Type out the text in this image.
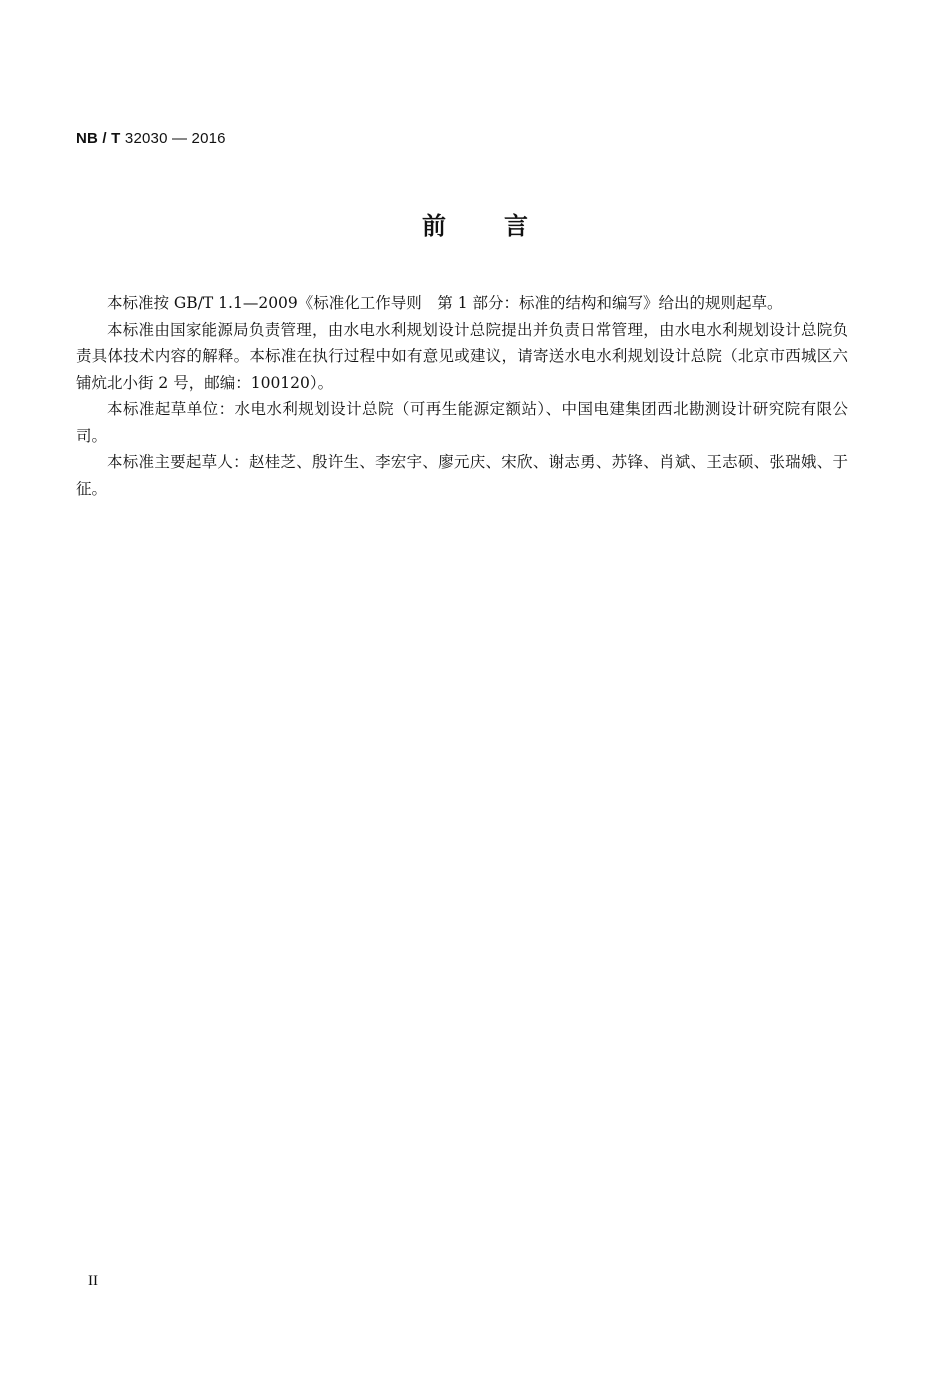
NB / T 32030 — 2016
前言

本标准按 GB/T 1.1—2009《标准化工作导则　第 1 部分：标准的结构和编写》给出的规则起草。

本标准由国家能源局负责管理，由水电水利规划设计总院提出并负责日常管理，由水电水利规划设计总院负责具体技术内容的解释。本标准在执行过程中如有意见或建议，请寄送水电水利规划设计总院（北京市西城区六铺炕北小街 2 号，邮编：100120）。

本标准起草单位：水电水利规划设计总院（可再生能源定额站）、中国电建集团西北勘测设计研究院有限公司。

本标准主要起草人：赵桂芝、殷许生、李宏宇、廖元庆、宋欣、谢志勇、苏锋、肖斌、王志硕、张瑞娥、于征。

II
